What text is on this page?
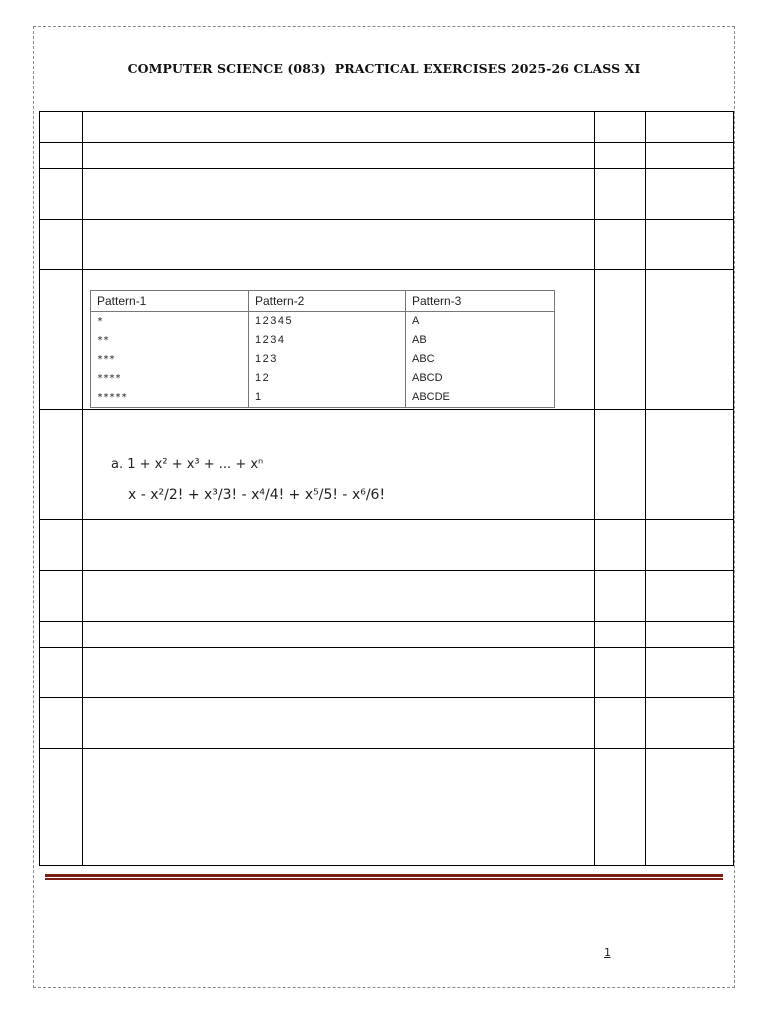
COMPUTER SCIENCE (083)  PRACTICAL EXERCISES 2025-26 CLASS XI
Pattern-1	Pattern-2	Pattern-3
*	12345	A
**	1234	AB
***	123	ABC
****	12	ABCD
*****	1	ABCDE
a. 1 + x² + x³ + ... + xⁿ
x - x²/2! + x³/3! - x⁴/4! + x⁵/5! - x⁶/6!
1
